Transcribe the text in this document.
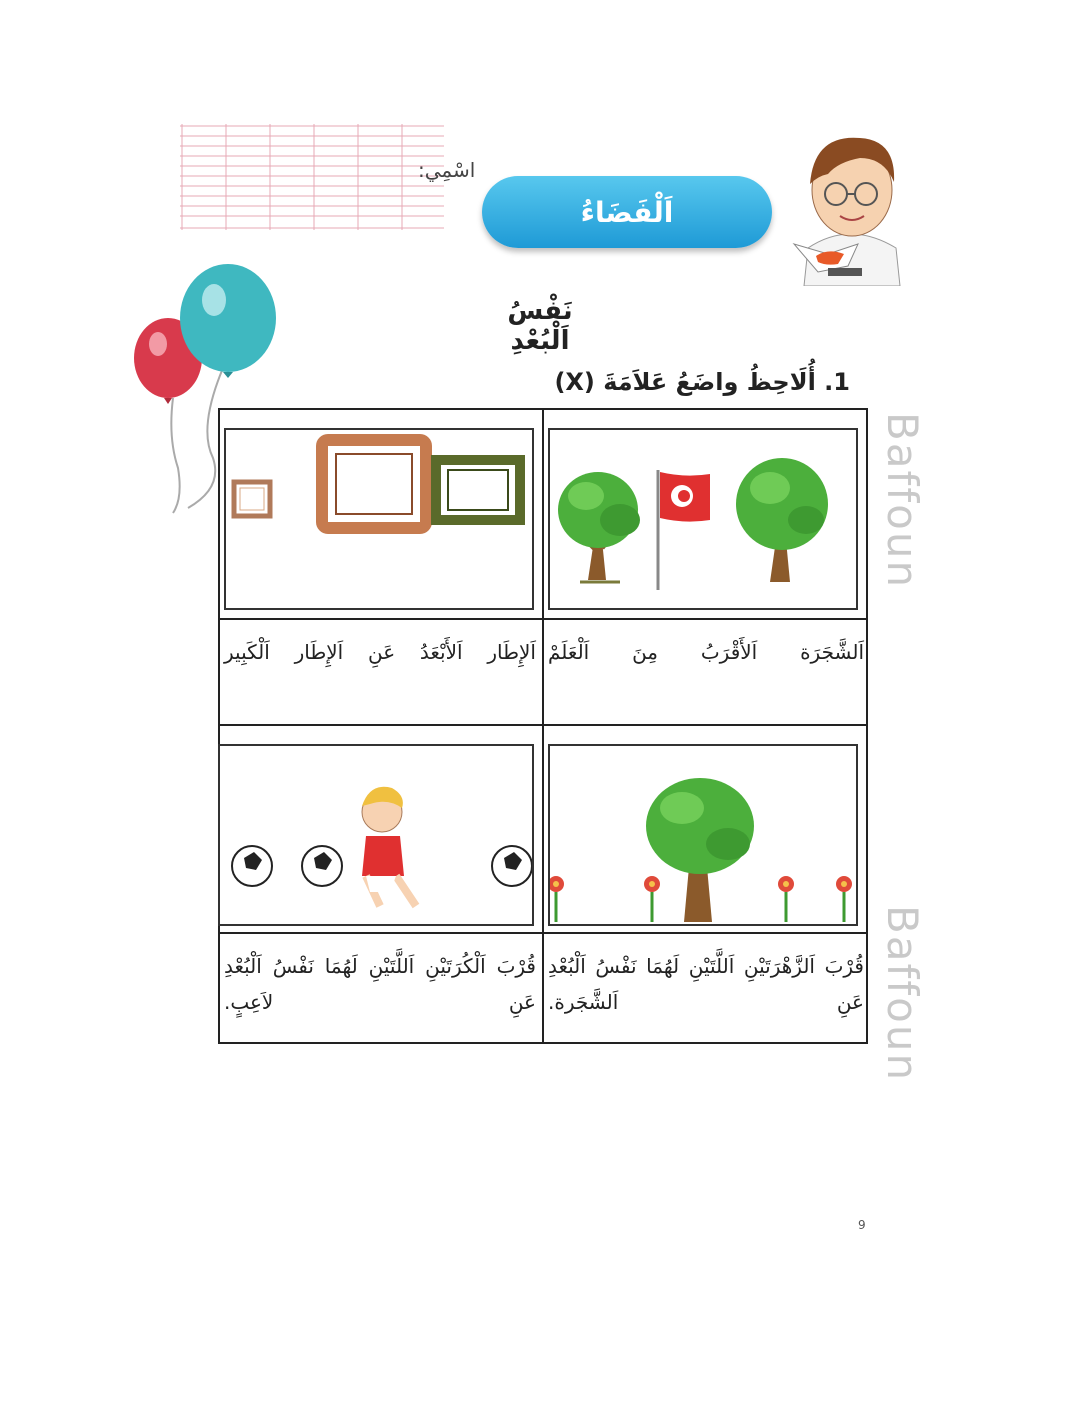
اسْمِي:
اَلْفَضَاءُ
نَفْسُ اَلْبُعْدِ
1. أُلَاحِظُ واضَعُ عَلاَمَةَ (X)
Baffoun
Baffoun
اَلشَّجَرَة اَلأَقْرَبُ مِنَ اَلْعَلَمْ
اَلإِطَار اَلأَبْعَدُ عَنِ اَلإِطَار اَلْكَبِير
قُرْبَ اَلزَّهْرَتَيْنِ اَللَّتَيْنِ لَهُمَا نَفْسُ اَلْبُعْدِ عَنِ اَلشَّجَرة.
قُرْبَ اَلْكُرَتَيْنِ اَللَّتَيْنِ لَهُمَا نَفْسُ اَلْبُعْدِ عَنِ لاَعِبٍ.
9
